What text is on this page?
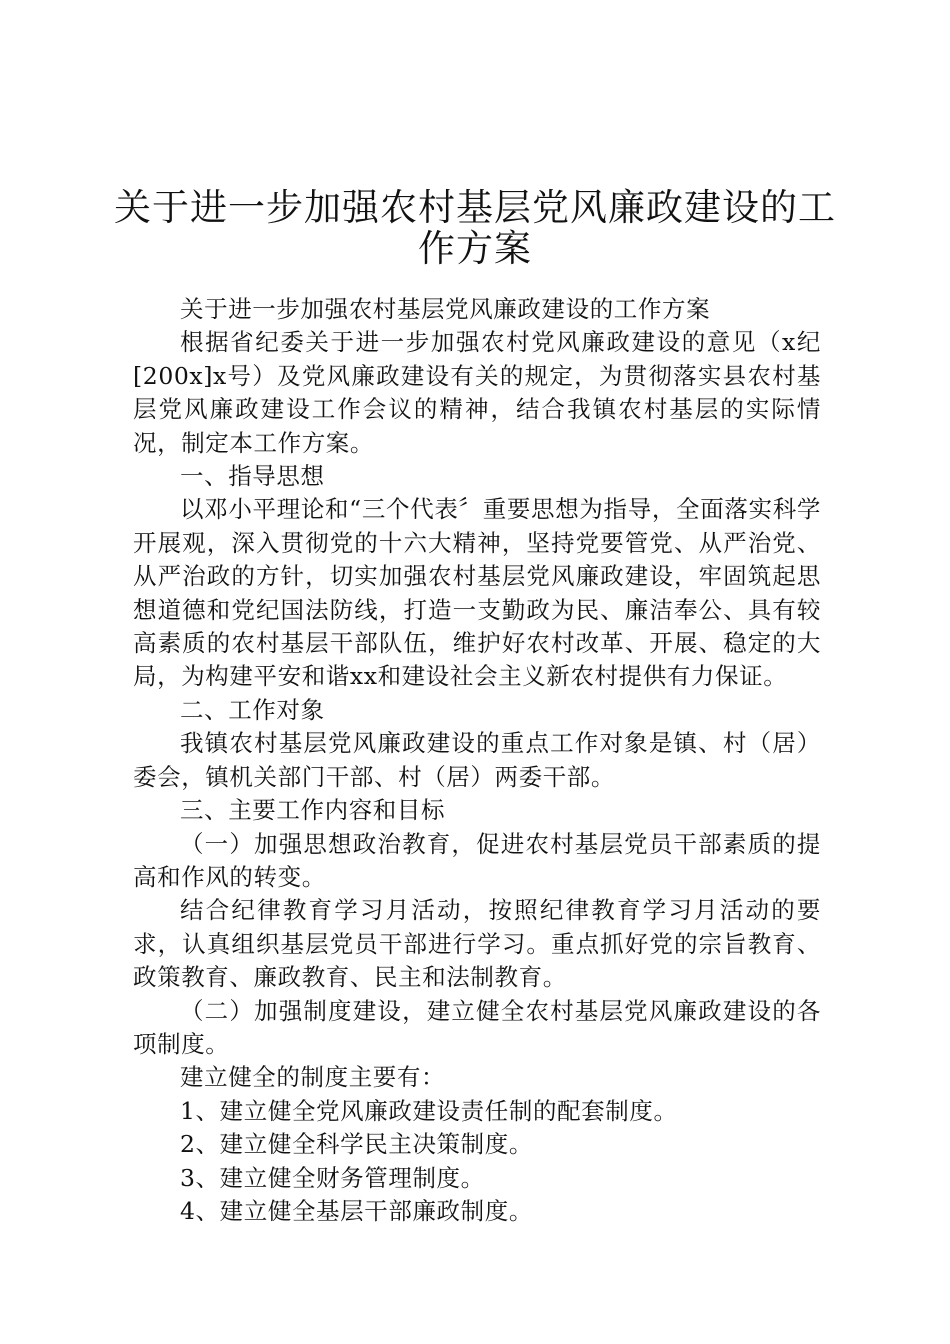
关于进一步加强农村基层党风廉政建设的工
作方案

关于进一步加强农村基层党风廉政建设的工作方案

根据省纪委关于进一步加强农村党风廉政建设的意见（x纪[200x]x号）及党风廉政建设有关的规定，为贯彻落实县农村基层党风廉政建设工作会议的精神，结合我镇农村基层的实际情况，制定本工作方案。

一、指导思想

以邓小平理论和“三个代表〞重要思想为指导，全面落实科学开展观，深入贯彻党的十六大精神，坚持党要管党、从严治党、从严治政的方针，切实加强农村基层党风廉政建设，牢固筑起思想道德和党纪国法防线，打造一支勤政为民、廉洁奉公、具有较高素质的农村基层干部队伍，维护好农村改革、开展、稳定的大局，为构建平安和谐xx和建设社会主义新农村提供有力保证。

二、工作对象

我镇农村基层党风廉政建设的重点工作对象是镇、村（居）委会，镇机关部门干部、村（居）两委干部。

三、主要工作内容和目标

（一）加强思想政治教育，促进农村基层党员干部素质的提高和作风的转变。

结合纪律教育学习月活动，按照纪律教育学习月活动的要求，认真组织基层党员干部进行学习。重点抓好党的宗旨教育、政策教育、廉政教育、民主和法制教育。

（二）加强制度建设，建立健全农村基层党风廉政建设的各项制度。

建立健全的制度主要有：

1、建立健全党风廉政建设责任制的配套制度。

2、建立健全科学民主决策制度。

3、建立健全财务管理制度。

4、建立健全基层干部廉政制度。
